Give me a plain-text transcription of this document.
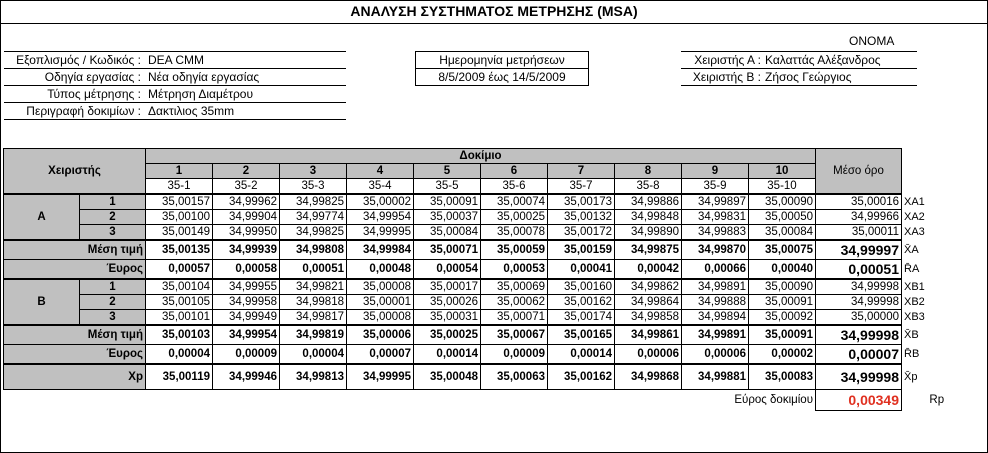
ΑΝΑΛΥΣΗ ΣΥΣΤΗΜΑΤΟΣ ΜΕΤΡΗΣΗΣ (MSA)
ΟΝΟΜΑ
Εξοπλισμός / Κωδικός : DEA CMM
Οδηγία εργασίας : Νέα οδηγία εργασίας
Τύπος μέτρησης : Μέτρηση Διαμέτρου
Περιγραφή δοκιμίων : Δακτιλιος 35mm
Ημερομηνία μετρήσεων
8/5/2009 έως 14/5/2009
Χειριστής Α : Καλαττάς Αλέξανδρος
Χειριστής Β : Ζήσος Γεώργιος
Χειριστής		Δοκίμιο										Μέσο όρο	
		1	2	3	4	5	6	7	8	9	10		
		35-1	35-2	35-3	35-4	35-5	35-6	35-7	35-8	35-9	35-10		
Α	1	35,00157	34,99962	34,99825	35,00002	35,00091	35,00074	35,00173	34,99886	34,99897	35,00090	35,00016	XA1
	2	35,00100	34,99904	34,99774	34,99954	35,00037	35,00025	35,00132	34,99848	34,99831	35,00050	34,99966	XA2
	3	35,00149	34,99950	34,99825	34,99995	35,00084	35,00078	35,00172	34,99890	34,99883	35,00084	35,00011	XA3
Μέση τιμή		35,00135	34,99939	34,99808	34,99984	35,00071	35,00059	35,00159	34,99875	34,99870	35,00075	34,99997	X̄A
Έυρος		0,00057	0,00058	0,00051	0,00048	0,00054	0,00053	0,00041	0,00042	0,00066	0,00040	0,00051	R̄A
Β	1	35,00104	34,99955	34,99821	35,00008	35,00017	35,00069	35,00160	34,99862	34,99891	35,00090	34,99998	XB1
	2	35,00105	34,99958	34,99818	35,00001	35,00026	35,00062	35,00162	34,99864	34,99888	35,00091	34,99998	XB2
	3	35,00101	34,99949	34,99817	35,00008	35,00031	35,00071	35,00174	34,99858	34,99894	35,00092	35,00000	XB3
Μέση τιμή		35,00103	34,99954	34,99819	35,00006	35,00025	35,00067	35,00165	34,99861	34,99891	35,00091	34,99998	X̄B
Έυρος		0,00004	0,00009	0,00004	0,00007	0,00014	0,00009	0,00014	0,00006	0,00006	0,00002	0,00007	R̄B
Xp		35,00119	34,99946	34,99813	34,99995	35,00048	35,00063	35,00162	34,99868	34,99881	35,00083	34,99998	X̄p
		Εύρος δοκιμίου										0,00349	Rp
